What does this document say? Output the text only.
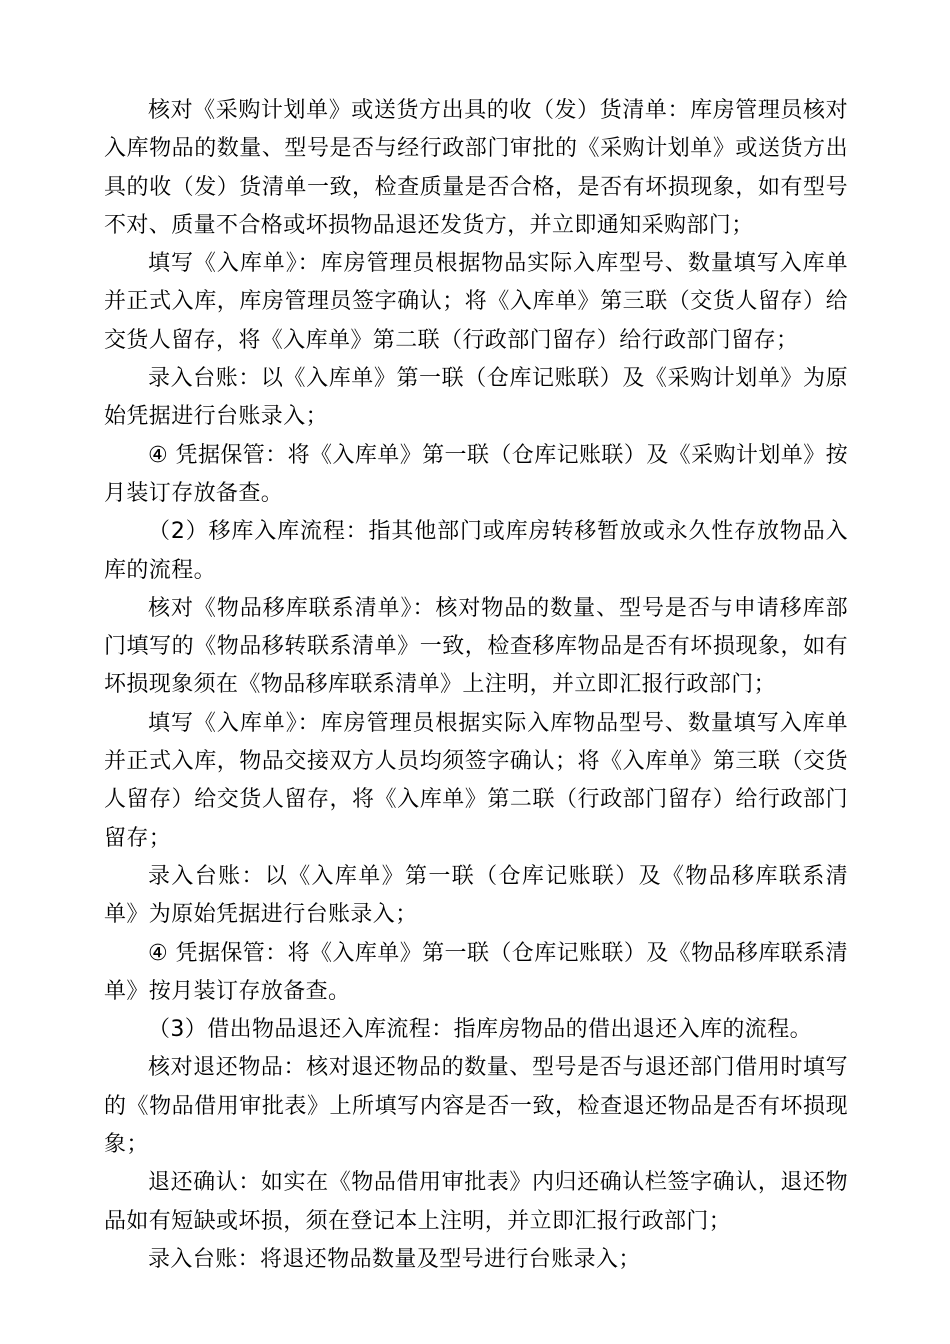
核对《采购计划单》或送货方出具的收（发）货清单：库房管理员核对入库物品的数量、型号是否与经行政部门审批的《采购计划单》或送货方出具的收（发）货清单一致，检查质量是否合格，是否有坏损现象，如有型号不对、质量不合格或坏损物品退还发货方，并立即通知采购部门；

填写《入库单》：库房管理员根据物品实际入库型号、数量填写入库单并正式入库，库房管理员签字确认；将《入库单》第三联（交货人留存）给交货人留存，将《入库单》第二联（行政部门留存）给行政部门留存；

录入台账：以《入库单》第一联（仓库记账联）及《采购计划单》为原始凭据进行台账录入；

④ 凭据保管：将《入库单》第一联（仓库记账联）及《采购计划单》按月装订存放备查。

（2）移库入库流程：指其他部门或库房转移暂放或永久性存放物品入库的流程。

核对《物品移库联系清单》：核对物品的数量、型号是否与申请移库部门填写的《物品移转联系清单》一致，检查移库物品是否有坏损现象，如有坏损现象须在《物品移库联系清单》上注明，并立即汇报行政部门；

填写《入库单》：库房管理员根据实际入库物品型号、数量填写入库单并正式入库，物品交接双方人员均须签字确认；将《入库单》第三联（交货人留存）给交货人留存，将《入库单》第二联（行政部门留存）给行政部门留存；

录入台账：以《入库单》第一联（仓库记账联）及《物品移库联系清单》为原始凭据进行台账录入；

④ 凭据保管：将《入库单》第一联（仓库记账联）及《物品移库联系清单》按月装订存放备查。

（3）借出物品退还入库流程：指库房物品的借出退还入库的流程。

核对退还物品：核对退还物品的数量、型号是否与退还部门借用时填写的《物品借用审批表》上所填写内容是否一致，检查退还物品是否有坏损现象；

退还确认：如实在《物品借用审批表》内归还确认栏签字确认，退还物品如有短缺或坏损，须在登记本上注明，并立即汇报行政部门；

录入台账：将退还物品数量及型号进行台账录入；
